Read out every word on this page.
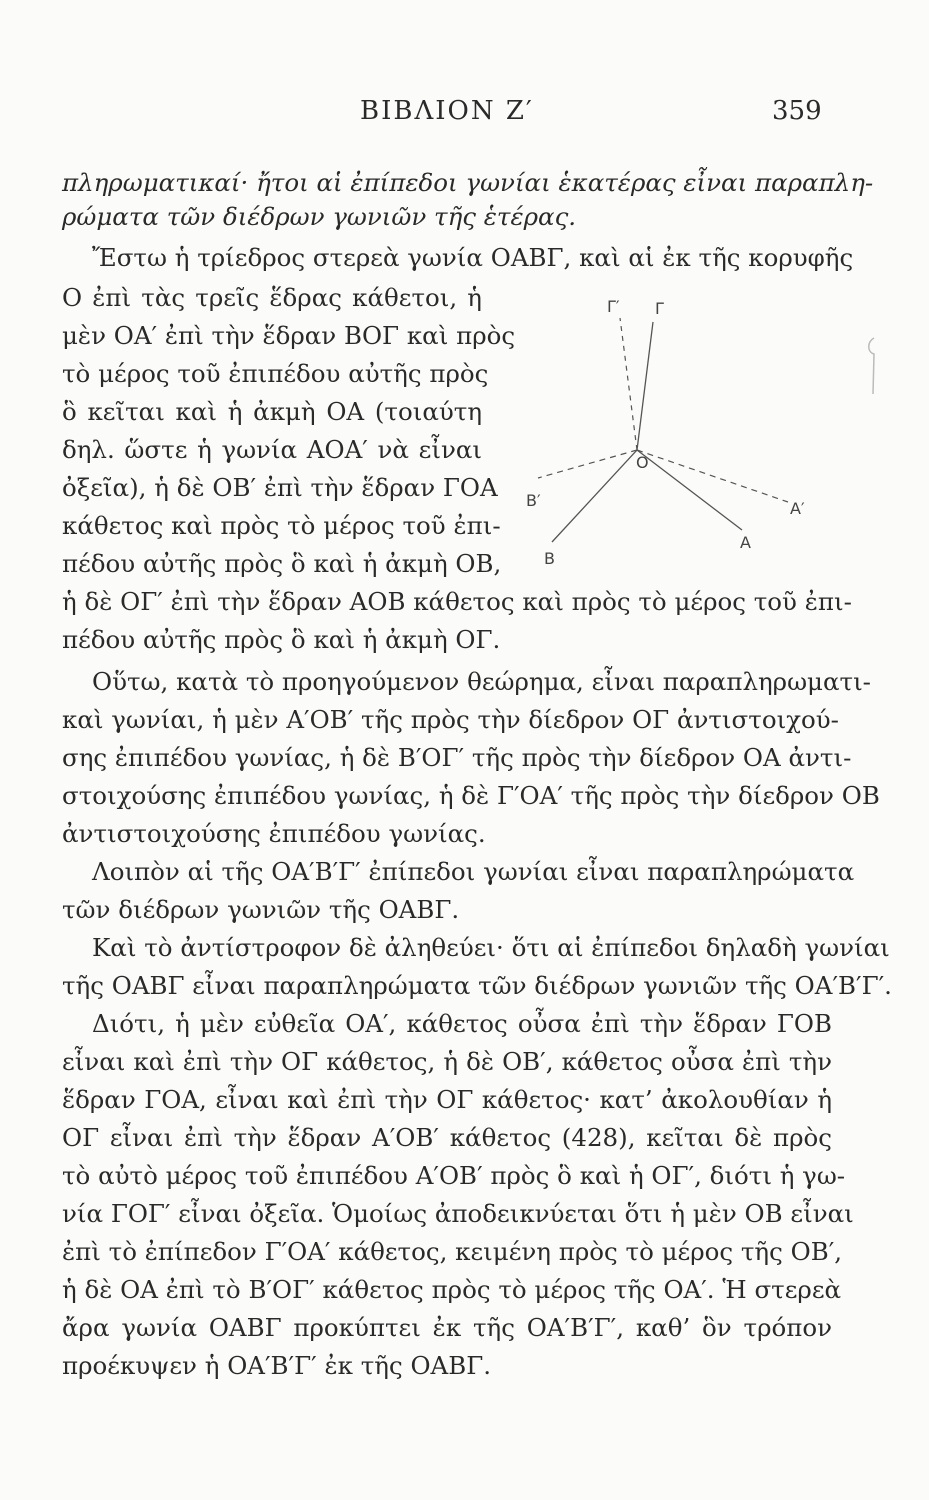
ΒΙΒΛΙΟΝ Ζ′	359
πληρωματικαί· ἤτοι αἱ ἐπίπεδοι γωνίαι ἑκατέρας εἶναι παραπλη-
ρώματα τῶν διέδρων γωνιῶν τῆς ἑτέρας.
Ἔστω ἡ τρίεδρος στερεὰ γωνία ΟΑΒΓ, καὶ αἱ ἐκ τῆς κορυφῆς
Ο ἐπὶ τὰς τρεῖς ἕδρας κάθετοι, ἡ
μὲν ΟΑ′ ἐπὶ τὴν ἕδραν ΒΟΓ καὶ πρὸς
τὸ μέρος τοῦ ἐπιπέδου αὐτῆς πρὸς
ὃ κεῖται καὶ ἡ ἀκμὴ ΟΑ (τοιαύτη
δηλ. ὥστε ἡ γωνία ΑΟΑ′ νὰ εἶναι
ὀξεῖα), ἡ δὲ ΟΒ′ ἐπὶ τὴν ἕδραν ΓΟΑ
κάθετος καὶ πρὸς τὸ μέρος τοῦ ἐπι-
πέδου αὐτῆς πρὸς ὃ καὶ ἡ ἀκμὴ ΟΒ,
ἡ δὲ ΟΓ′ ἐπὶ τὴν ἕδραν ΑΟΒ κάθετος καὶ πρὸς τὸ μέρος τοῦ ἐπι-
πέδου αὐτῆς πρὸς ὃ καὶ ἡ ἀκμὴ ΟΓ.
Οὕτω, κατὰ τὸ προηγούμενον θεώρημα, εἶναι παραπληρωματι-
καὶ γωνίαι, ἡ μὲν Α′ΟΒ′ τῆς πρὸς τὴν δίεδρον ΟΓ ἀντιστοιχού-
σης ἐπιπέδου γωνίας, ἡ δὲ Β′ΟΓ′ τῆς πρὸς τὴν δίεδρον ΟΑ ἀντι-
στοιχούσης ἐπιπέδου γωνίας, ἡ δὲ Γ′ΟΑ′ τῆς πρὸς τὴν δίεδρον ΟΒ
ἀντιστοιχούσης ἐπιπέδου γωνίας.
Λοιπὸν αἱ τῆς ΟΑ′Β′Γ′ ἐπίπεδοι γωνίαι εἶναι παραπληρώματα
τῶν διέδρων γωνιῶν τῆς ΟΑΒΓ.
Καὶ τὸ ἀντίστροφον δὲ ἀληθεύει· ὅτι αἱ ἐπίπεδοι δηλαδὴ γωνίαι
τῆς ΟΑΒΓ εἶναι παραπληρώματα τῶν διέδρων γωνιῶν τῆς ΟΑ′Β′Γ′.
Διότι, ἡ μὲν εὐθεῖα ΟΑ′, κάθετος οὖσα ἐπὶ τὴν ἕδραν ΓΟΒ
εἶναι καὶ ἐπὶ τὴν ΟΓ κάθετος, ἡ δὲ ΟΒ′, κάθετος οὖσα ἐπὶ τὴν
ἕδραν ΓΟΑ, εἶναι καὶ ἐπὶ τὴν ΟΓ κάθετος· κατ’ ἀκολουθίαν ἡ
ΟΓ εἶναι ἐπὶ τὴν ἕδραν Α′ΟΒ′ κάθετος (428), κεῖται δὲ πρὸς
τὸ αὐτὸ μέρος τοῦ ἐπιπέδου Α′ΟΒ′ πρὸς ὃ καὶ ἡ ΟΓ′, διότι ἡ γω-
νία ΓΟΓ′ εἶναι ὀξεῖα. Ὁμοίως ἀποδεικνύεται ὅτι ἡ μὲν ΟΒ εἶναι
ἐπὶ τὸ ἐπίπεδον Γ′ΟΑ′ κάθετος, κειμένη πρὸς τὸ μέρος τῆς ΟΒ′,
ἡ δὲ ΟΑ ἐπὶ τὸ Β′ΟΓ′ κάθετος πρὸς τὸ μέρος τῆς ΟΑ′. Ἡ στερεὰ
ἄρα γωνία ΟΑΒΓ προκύπτει ἐκ τῆς ΟΑ′Β′Γ′, καθ’ ὃν τρόπον
προέκυψεν ἡ ΟΑ′Β′Γ′ ἐκ τῆς ΟΑΒΓ.
Γ′ Γ
O
Β′	Α′
Α
Β
